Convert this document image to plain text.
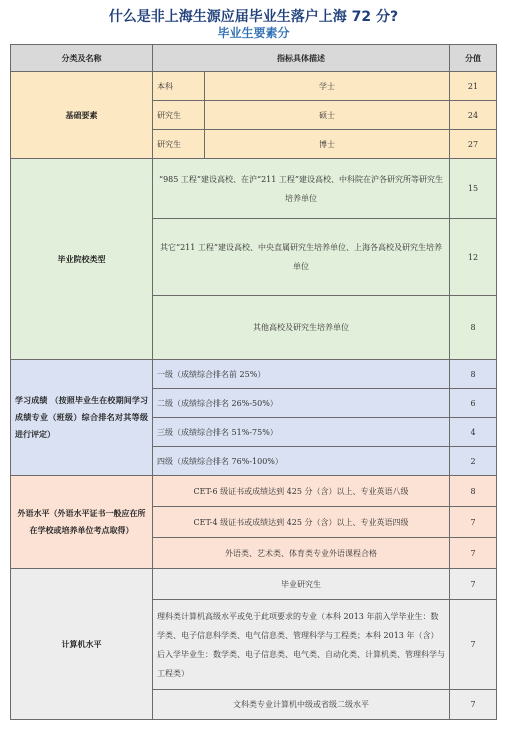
什么是非上海生源应届毕业生落户上海 72 分?
毕业生要素分
分类及名称	指标具体描述		分值
基础要素	本科	学士	21
	研究生	硕士	24
	研究生	博士	27
毕业院校类型	“985 工程”建设高校、在沪“211 工程”建设高校、中科院在沪各研究所等研究生培养单位		15
	其它“211 工程”建设高校、中央直属研究生培养单位、上海各高校及研究生培养单位		12
	其他高校及研究生培养单位		8
学习成绩 （按照毕业生在校期间学习成绩专业（班级）综合排名对其等级进行评定）	一级（成绩综合排名前 25%）		8
	二级（成绩综合排名 26%-50%）		6
	三级（成绩综合排名 51%-75%）		4
	四级（成绩综合排名 76%-100%）		2
外语水平（外语水平证书一般应在所在学校或培养单位考点取得）	CET-6 级证书或成绩达到 425 分（含）以上、专业英语八级		8
	CET-4 级证书或成绩达到 425 分（含）以上、专业英语四级		7
	外语类、艺术类、体育类专业外语课程合格		7
计算机水平	毕业研究生		7
	理科类计算机高级水平或免于此项要求的专业（本科 2013 年前入学毕业生：数学类、电子信息科学类、电气信息类、管理科学与工程类；本科 2013 年（含）后入学毕业生：数学类、电子信息类、电气类、自动化类、计算机类、管理科学与工程类）		7
	文科类专业计算机中级或省级二级水平		7
